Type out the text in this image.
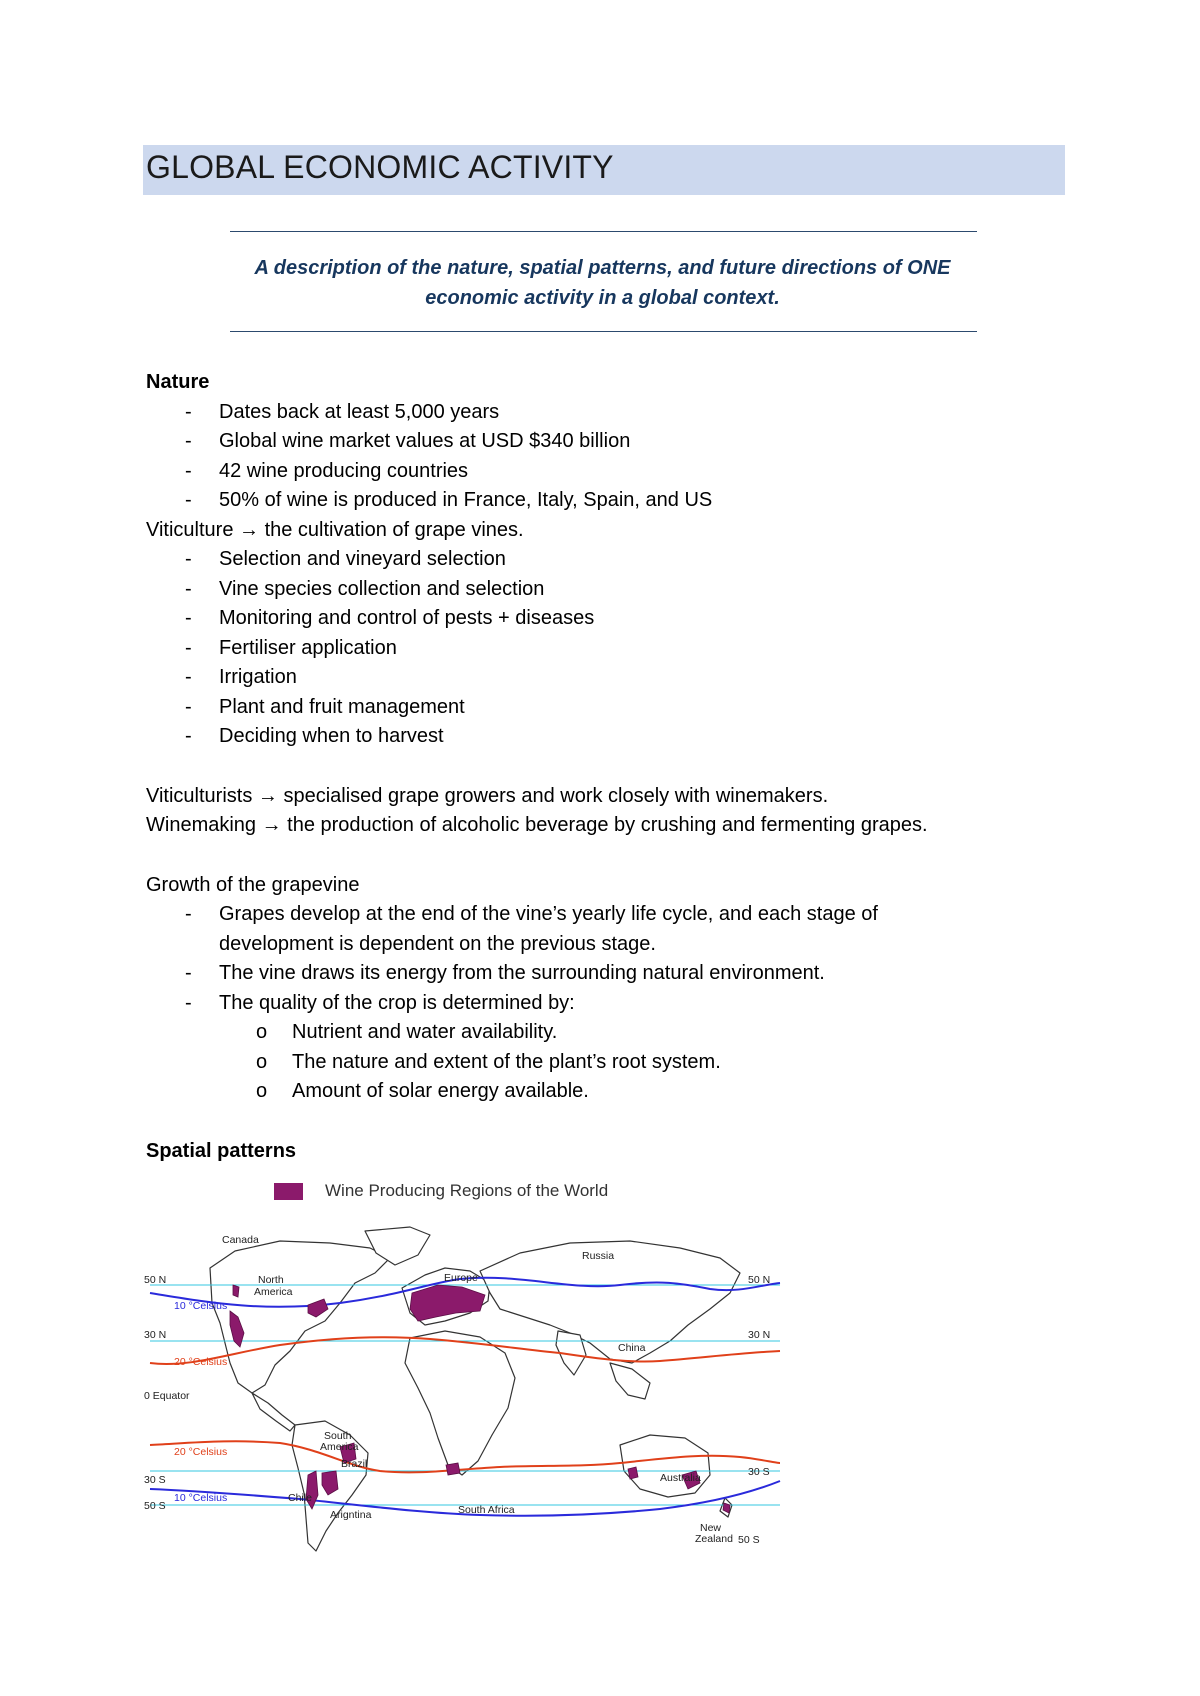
GLOBAL ECONOMIC ACTIVITY
A description of the nature, spatial patterns, and future directions of ONE
economic activity in a global context.
Nature
- Dates back at least 5,000 years
- Global wine market values at USD $340 billion
- 42 wine producing countries
- 50% of wine is produced in France, Italy, Spain, and US
Viticulture → the cultivation of grape vines.
- Selection and vineyard selection
- Vine species collection and selection
- Monitoring and control of pests + diseases
- Fertiliser application
- Irrigation
- Plant and fruit management
- Deciding when to harvest
Viticulturists → specialised grape growers and work closely with winemakers.
Winemaking → the production of alcoholic beverage by crushing and fermenting grapes.
Growth of the grapevine
- Grapes develop at the end of the vine’s yearly life cycle, and each stage of
development is dependent on the previous stage.
- The vine draws its energy from the surrounding natural environment.
- The quality of the crop is determined by:
o Nutrient and water availability.
o The nature and extent of the plant’s root system.
o Amount of solar energy available.
Spatial patterns
Wine Producing Regions of the World
Canada
North
America
Europe
Russia
China
South
America
Brazil
Chile
Arigntina	South Africa
Australia
New
Zealand
50 N	50 N
30 N	30 N
0 Equator
30 S
30 S
50 S
50 S
10 °Celsius
20 °Celsius
20 °Celsius
10 °Celsius
